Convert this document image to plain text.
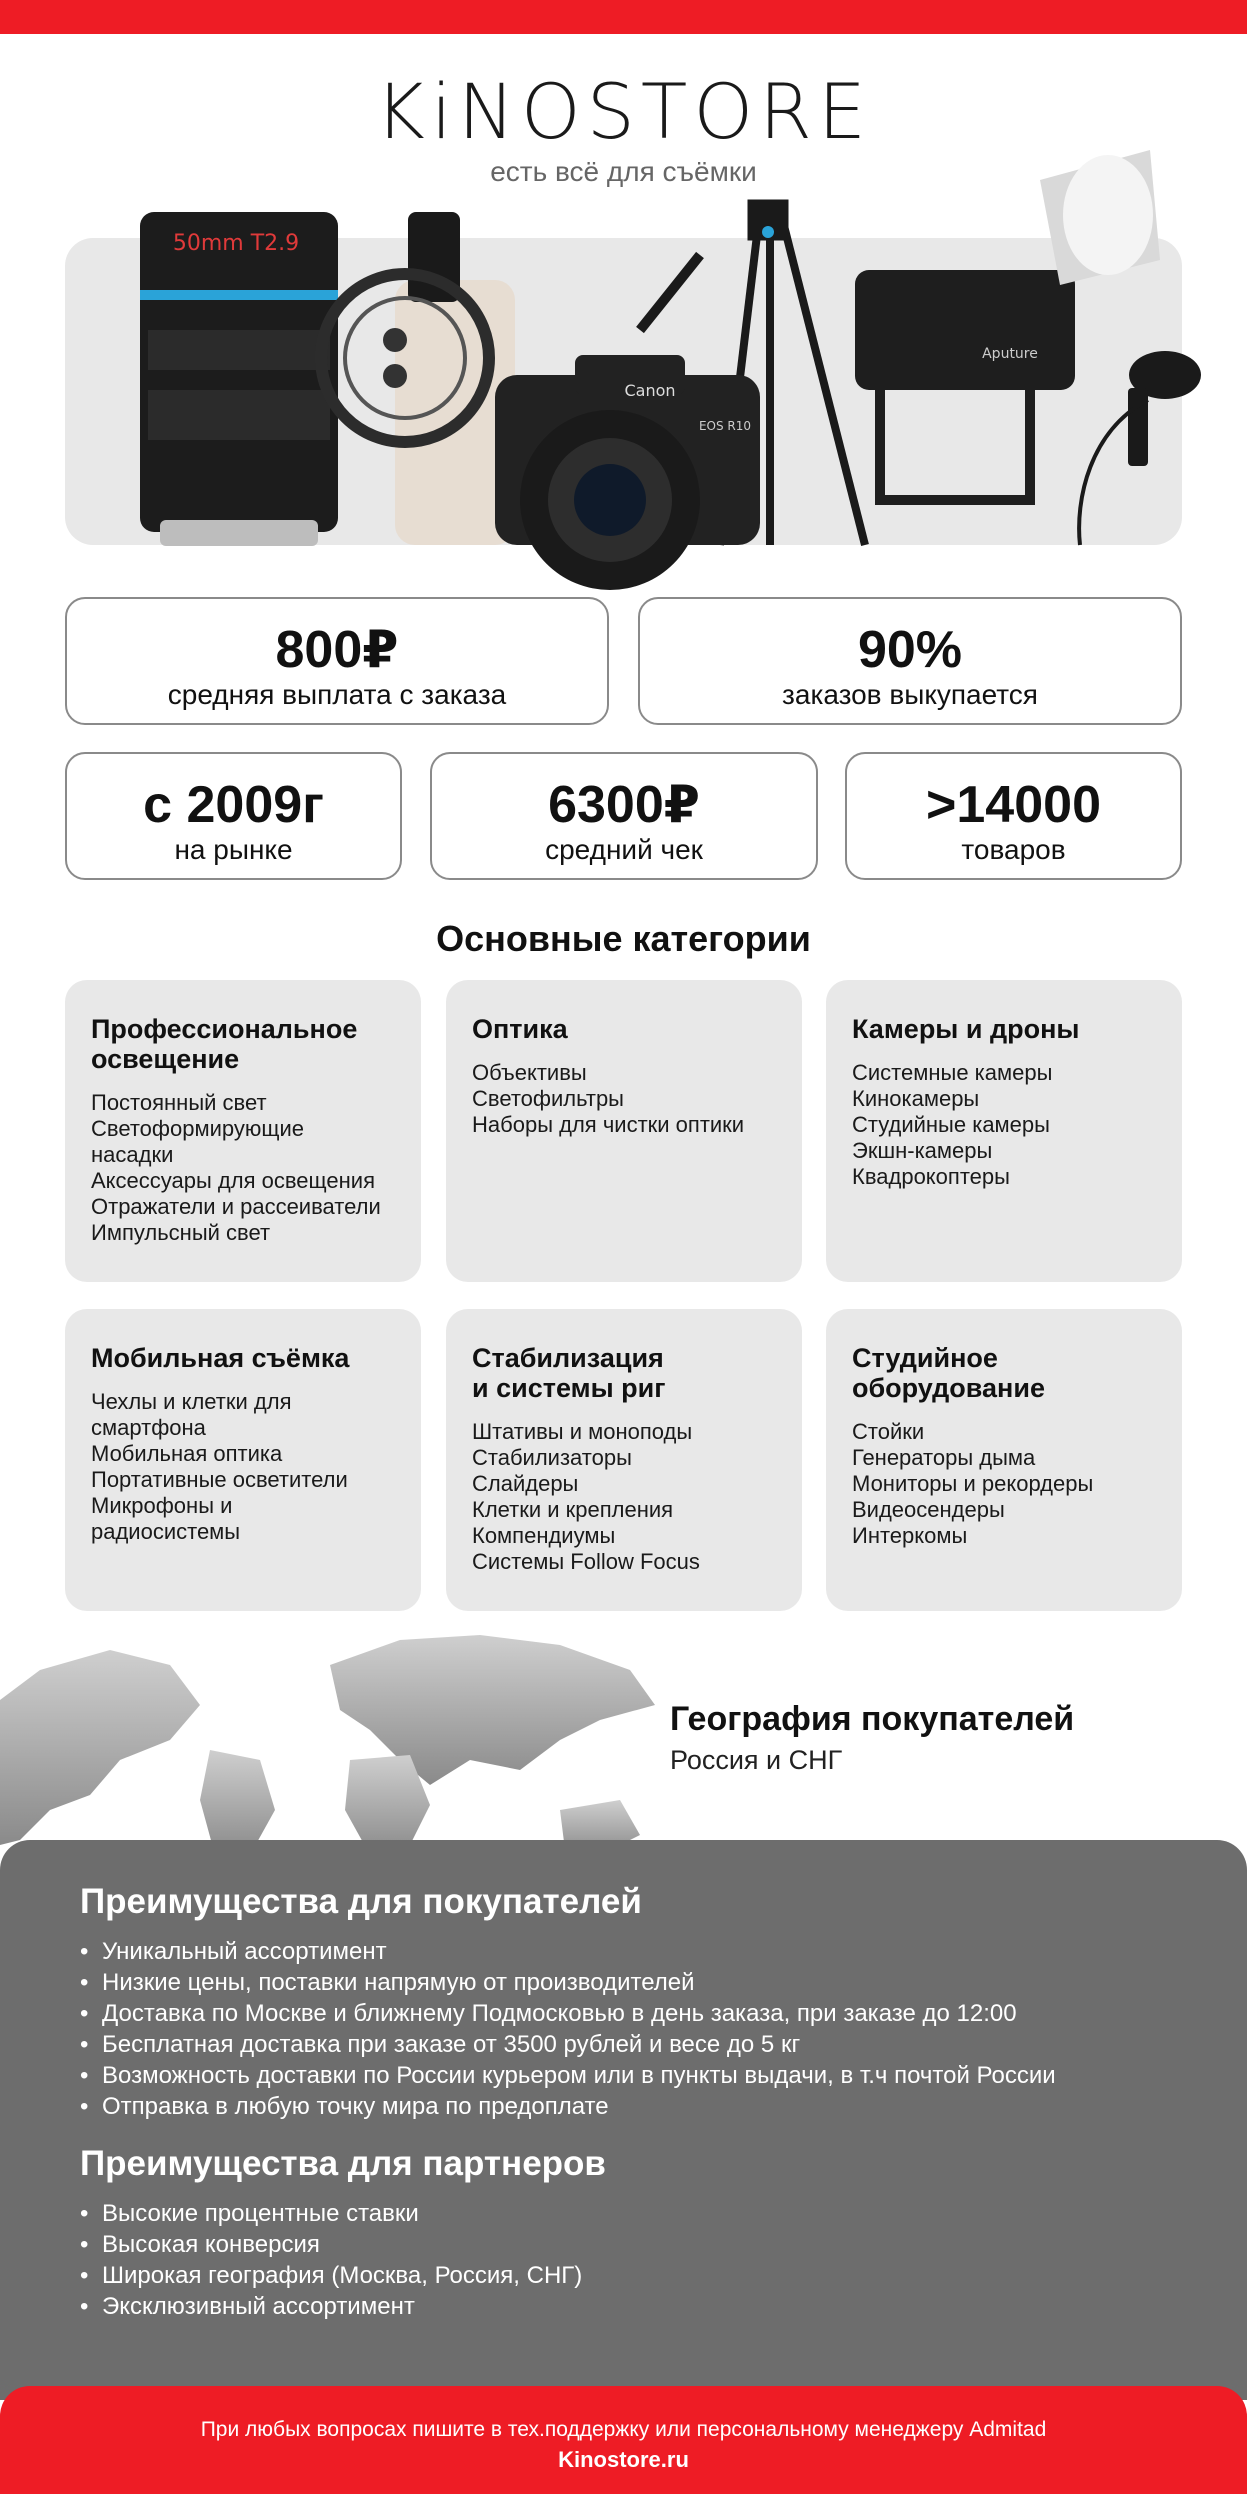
KiNOSTORE
есть всё для съёмки
50mm T2.9
Canon
EOS R10
Aputure
800₽
средняя выплата с заказа
90%
заказов выкупается
с 2009г
на рынке
6300₽
средний чек
>14000
товаров
Основные категории
Профессиональное
освещение
Постоянный свет
Светоформирующие
насадки
Аксессуары для освещения
Отражатели и рассеиватели
Импульсный свет
Оптика
Объективы
Светофильтры
Наборы для чистки оптики
Камеры и дроны
Системные камеры
Кинокамеры
Студийные камеры
Экшн-камеры
Квадрокоптеры
Мобильная съёмка
Чехлы и клетки для
смартфона
Мобильная оптика
Портативные осветители
Микрофоны и
радиосистемы
Стабилизация
и системы риг
Штативы и моноподы
Стабилизаторы
Слайдеры
Клетки и крепления
Компендиумы
Системы Follow Focus
Студийное
оборудование
Стойки
Генераторы дыма
Мониторы и рекордеры
Видеосендеры
Интеркомы
География покупателей
Россия и СНГ
Преимущества для покупателей
• Уникальный ассортимент
• Низкие цены, поставки напрямую от производителей
• Доставка по Москве и ближнему Подмосковью в день заказа, при заказе до 12:00
• Бесплатная доставка при заказе от 3500 рублей и весе до 5 кг
• Возможность доставки по России курьером или в пункты выдачи, в т.ч почтой России
• Отправка в любую точку мира по предоплате
Преимущества для партнеров
• Высокие процентные ставки
• Высокая конверсия
• Широкая география (Москва, Россия, СНГ)
• Эксклюзивный ассортимент
При любых вопросах пишите в тех.поддержку или персональному менеджеру Admitad
Kinostore.ru
